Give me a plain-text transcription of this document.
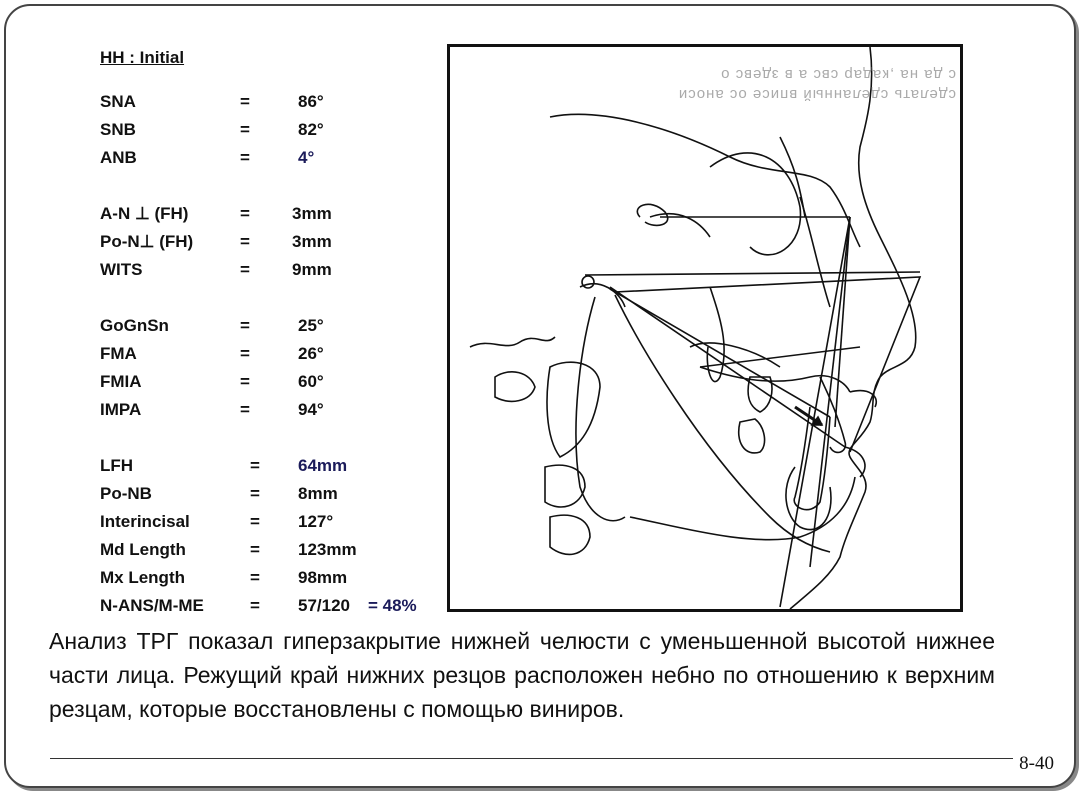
HH : Initial
SNA	=	86°
SNB	=	82°
ANB	=	4°
A-N ⊥ (FH)	= 3mm
Po-N⊥ (FH)	= 3mm
WITS	= 9mm
GoGnSn	=	25°
FMA	=	26°
FMIA	=	60°
IMPA	=	94°
LFH	= 64mm
Po-NB	= 8mm
Interincisal	= 127°
Md Length	= 123mm
Mx Length	= 98mm
N-ANS/M-ME	= 57/120 = 48%
с да на ,кадар свс а в здевс о
сделать сделанный вписе ос аноси
Анализ ТРГ показал гиперзакрытие нижней челюсти с уменьшенной высотой нижнее части лица. Режущий край нижних резцов расположен небно по отношению к верхним резцам, которые восстановлены с помощью виниров.
8-40
